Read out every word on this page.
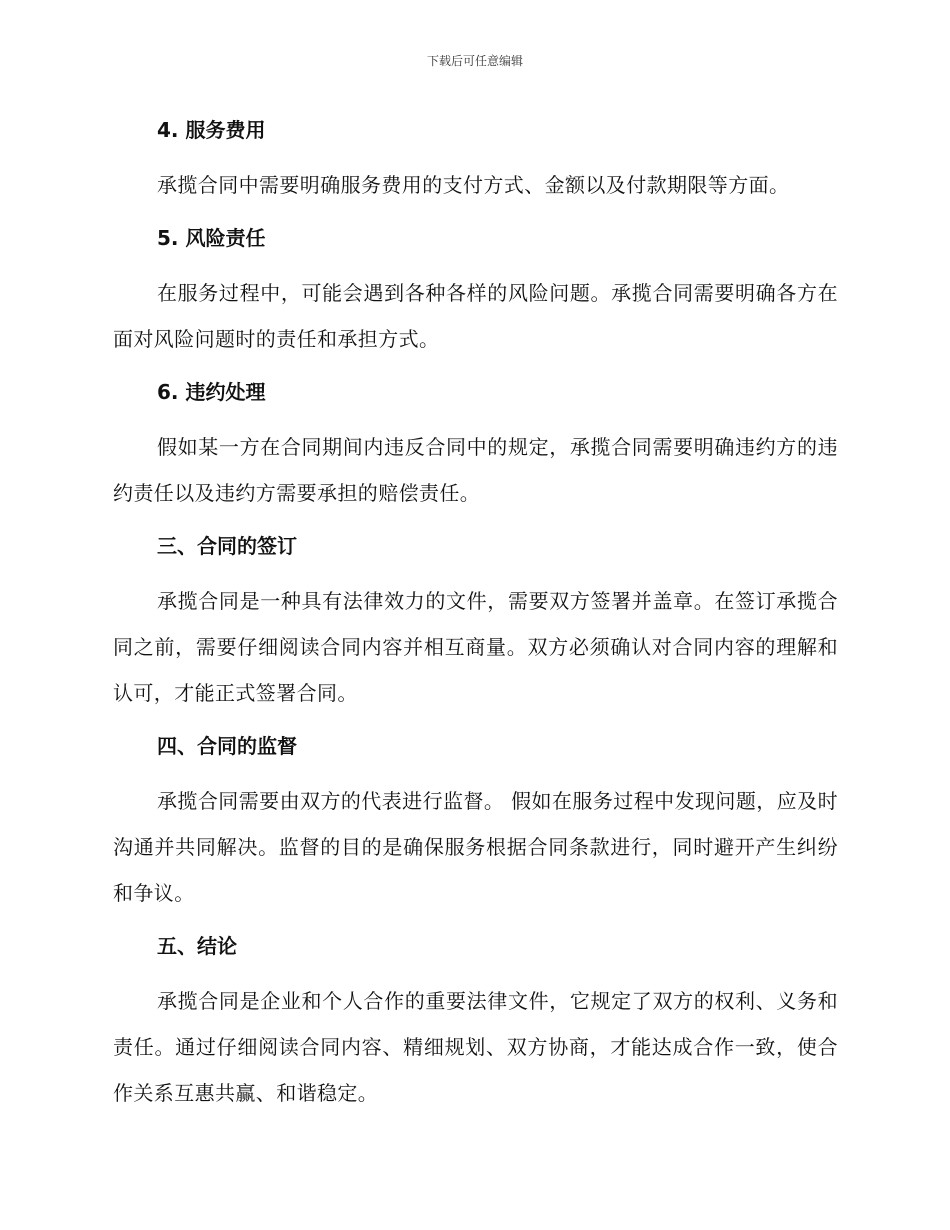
下载后可任意编辑
4. 服务费用

承揽合同中需要明确服务费用的支付方式、金额以及付款期限等方面。

5. 风险责任

在服务过程中，可能会遇到各种各样的风险问题。承揽合同需要明确各方在面对风险问题时的责任和承担方式。

6. 违约处理

假如某一方在合同期间内违反合同中的规定，承揽合同需要明确违约方的违约责任以及违约方需要承担的赔偿责任。

三、合同的签订

承揽合同是一种具有法律效力的文件，需要双方签署并盖章。在签订承揽合同之前，需要仔细阅读合同内容并相互商量。双方必须确认对合同内容的理解和认可，才能正式签署合同。

四、合同的监督

承揽合同需要由双方的代表进行监督。 假如在服务过程中发现问题，应及时沟通并共同解决。监督的目的是确保服务根据合同条款进行，同时避开产生纠纷和争议。

五、结论

承揽合同是企业和个人合作的重要法律文件，它规定了双方的权利、义务和责任。通过仔细阅读合同内容、精细规划、双方协商，才能达成合作一致，使合作关系互惠共赢、和谐稳定。
